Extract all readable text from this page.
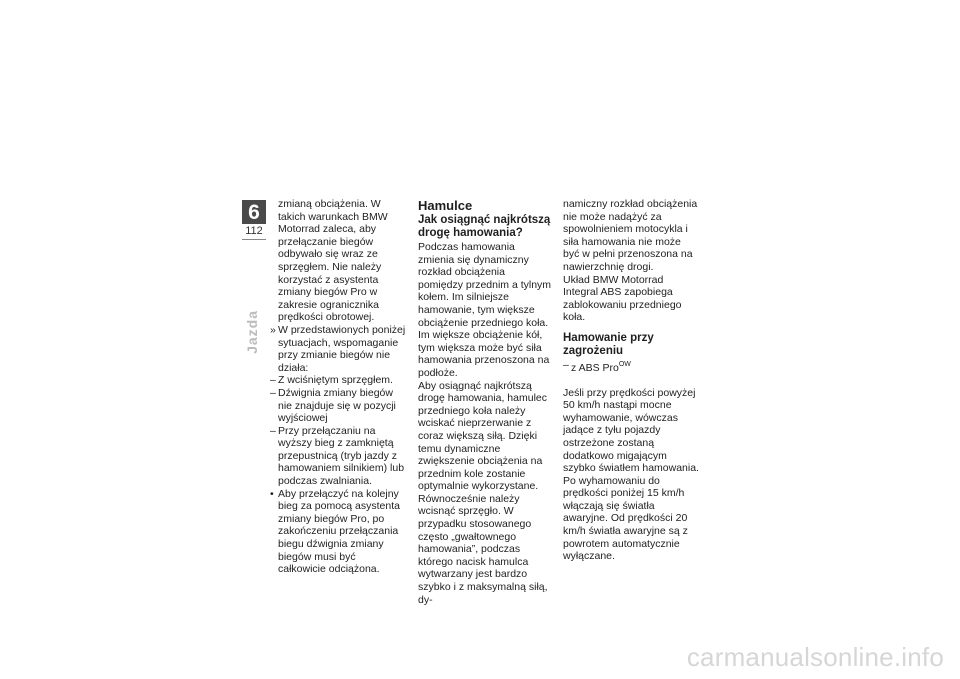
6
112
Jazda

zmianą obciążenia. W takich warunkach BMW Motorrad zaleca, aby przełączanie biegów odbywało się wraz ze sprzęgłem. Nie należy korzystać z asystenta zmiany biegów Pro w zakresie ogranicznika prędkości obrotowej.

» W przedstawionych poniżej sytuacjach, wspomaganie przy zmianie biegów nie działa:
– Z wciśniętym sprzęgłem.
– Dźwignia zmiany biegów nie znajduje się w pozycji wyjściowej
– Przy przełączaniu na wyższy bieg z zamkniętą przepustnicą (tryb jazdy z hamowaniem silnikiem) lub podczas zwalniania.
• Aby przełączyć na kolejny bieg za pomocą asystenta zmiany biegów Pro, po zakończeniu przełączania biegu dźwignia zmiany biegów musi być całkowicie odciążona.
Hamulce
Jak osiągnąć najkrótszą drogę hamowania?

Podczas hamowania zmienia się dynamiczny rozkład obciążenia pomiędzy przednim a tylnym kołem. Im silniejsze hamowanie, tym większe obciążenie przedniego koła. Im większe obciążenie kół, tym większa może być siła hamowania przenoszona na podłoże.

Aby osiągnąć najkrótszą drogę hamowania, hamulec przedniego koła należy wciskać nieprzerwanie z coraz większą siłą. Dzięki temu dynamiczne zwiększenie obciążenia na przednim kole zostanie optymalnie wykorzystane. Równocześnie należy wcisnąć sprzęgło. W przypadku stosowanego często „gwałtownego hamowania”, podczas którego nacisk hamulca wytwarzany jest bardzo szybko i z maksymalną siłą, dy-

namiczny rozkład obciążenia nie może nadążyć za spowolnieniem motocykla i siła hamowania nie może być w pełni przenoszona na nawierzchnię drogi.

Układ BMW Motorrad Integral ABS zapobiega zablokowaniu przedniego koła.

Hamowanie przy zagrożeniu
– z ABS Pro$^{OW}$

Jeśli przy prędkości powyżej 50 km/h nastąpi mocne wyhamowanie, wówczas jadące z tyłu pojazdy ostrzeżone zostaną dodatkowo migającym szybko światłem hamowania.

Po wyhamowaniu do prędkości poniżej 15 km/h włączają się światła awaryjne. Od prędkości 20 km/h światła awaryjne są z powrotem automatycznie wyłączane.

carmanualsonline.info
